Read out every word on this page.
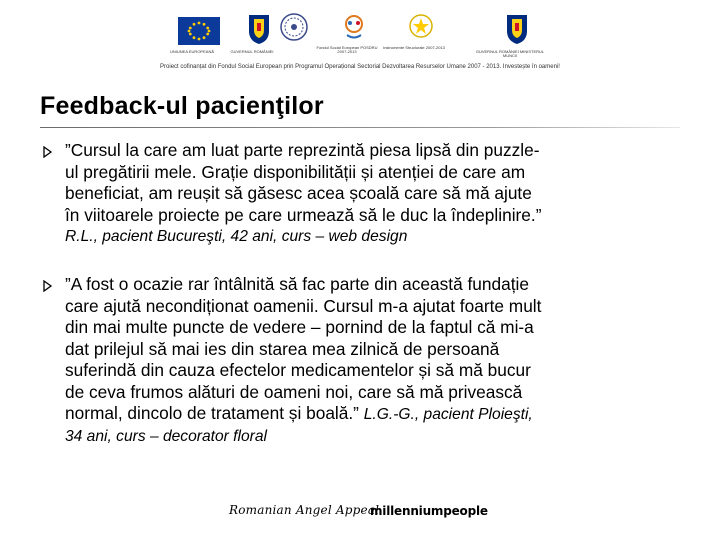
UNIUNEA EUROPEANĂ	GUVERNUL ROMÂNIEI
Fondul Social European POSDRU 2007-2013
Instrumente Structurale 2007-2013
GUVERNUL ROMÂNIEI MINISTERUL MUNCII
Proiect cofinanțat din Fondul Social European prin Programul Operațional Sectorial Dezvoltarea Resurselor Umane 2007 - 2013. Investește în oameni!
Feedback-ul pacienţilor
”Cursul la care am luat parte reprezintă piesa lipsă din puzzle-
ul pregătirii mele. Grație disponibilității și atenției de care am
beneficiat, am reușit să găsesc acea școală care să mă ajute
în viitoarele proiecte pe care urmează să le duc la îndeplinire.”
R.L., pacient Bucureşti, 42 ani, curs – web design
”A fost o ocazie rar întâlnită să fac parte din această fundație
care ajută necondiționat oamenii. Cursul m-a ajutat foarte mult
din mai multe puncte de vedere – pornind de la faptul că mi-a
dat prilejul să mai ies din starea mea zilnică de persoană
suferindă din cauza efectelor medicamentelor și să mă bucur
de ceva frumos alături de oameni noi, care să mă privească
normal, dincolo de tratament și boală.” L.G.-G., pacient Ploieşti,
34 ani, curs – decorator floral
Romanian Angel Appeal
millenniumpeople
